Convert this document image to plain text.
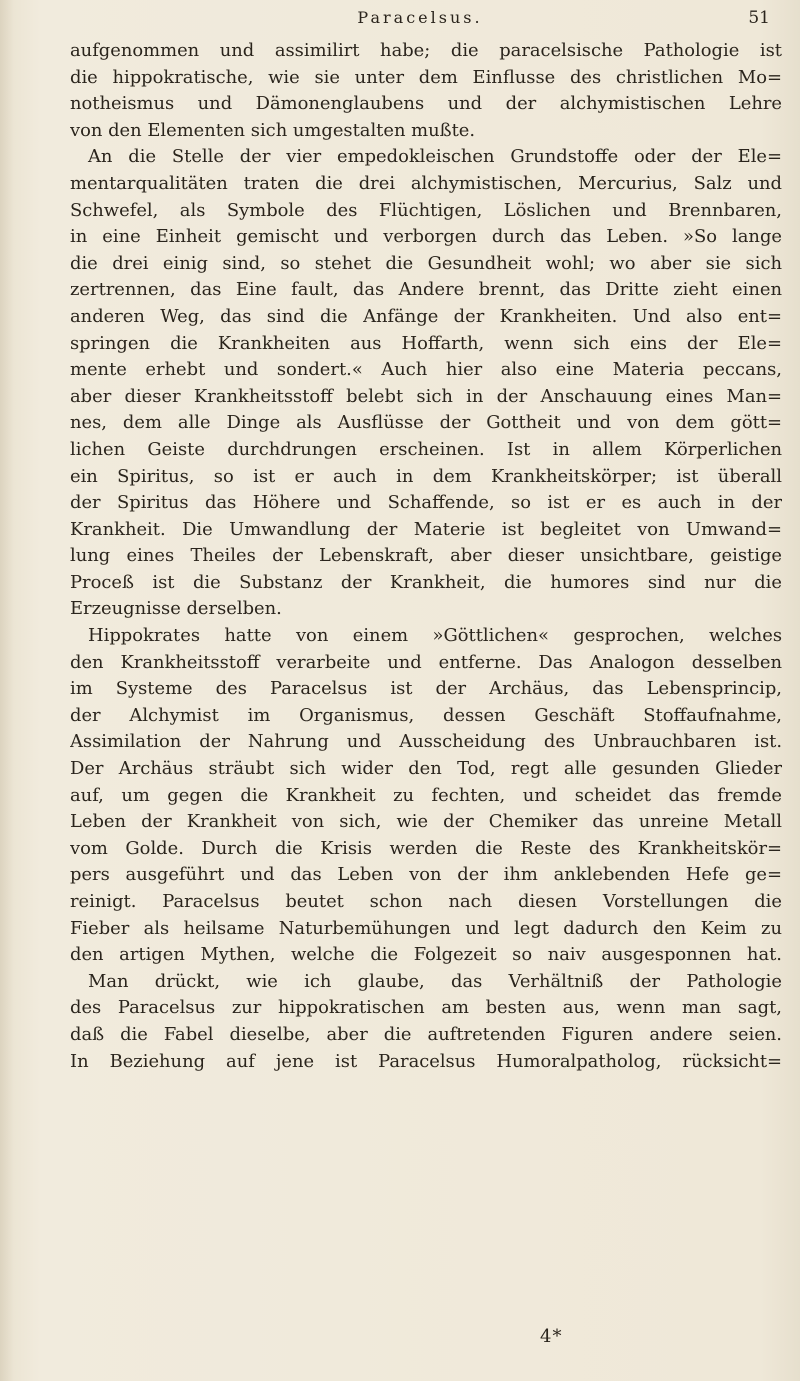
Paracelsus.	51
aufgenommen und assimilirt habe; die paracelsische Pathologie ist
die hippokratische, wie sie unter dem Einflusse des christlichen Mo=
notheismus und Dämonenglaubens und der alchymistischen Lehre
von den Elementen sich umgestalten mußte.
An die Stelle der vier empedokleischen Grundstoffe oder der Ele=
mentarqualitäten traten die drei alchymistischen, Mercurius, Salz und
Schwefel, als Symbole des Flüchtigen, Löslichen und Brennbaren,
in eine Einheit gemischt und verborgen durch das Leben. »So lange
die drei einig sind, so stehet die Gesundheit wohl; wo aber sie sich
zertrennen, das Eine fault, das Andere brennt, das Dritte zieht einen
anderen Weg, das sind die Anfänge der Krankheiten. Und also ent=
springen die Krankheiten aus Hoffarth, wenn sich eins der Ele=
mente erhebt und sondert.« Auch hier also eine Materia peccans,
aber dieser Krankheitsstoff belebt sich in der Anschauung eines Man=
nes, dem alle Dinge als Ausflüsse der Gottheit und von dem gött=
lichen Geiste durchdrungen erscheinen. Ist in allem Körperlichen
ein Spiritus, so ist er auch in dem Krankheitskörper; ist überall
der Spiritus das Höhere und Schaffende, so ist er es auch in der
Krankheit. Die Umwandlung der Materie ist begleitet von Umwand=
lung eines Theiles der Lebenskraft, aber dieser unsichtbare, geistige
Proceß ist die Substanz der Krankheit, die humores sind nur die
Erzeugnisse derselben.
Hippokrates hatte von einem »Göttlichen« gesprochen, welches
den Krankheitsstoff verarbeite und entferne. Das Analogon desselben
im Systeme des Paracelsus ist der Archäus, das Lebensprincip,
der Alchymist im Organismus, dessen Geschäft Stoffaufnahme,
Assimilation der Nahrung und Ausscheidung des Unbrauchbaren ist.
Der Archäus sträubt sich wider den Tod, regt alle gesunden Glieder
auf, um gegen die Krankheit zu fechten, und scheidet das fremde
Leben der Krankheit von sich, wie der Chemiker das unreine Metall
vom Golde. Durch die Krisis werden die Reste des Krankheitskör=
pers ausgeführt und das Leben von der ihm anklebenden Hefe ge=
reinigt. Paracelsus beutet schon nach diesen Vorstellungen die
Fieber als heilsame Naturbemühungen und legt dadurch den Keim zu
den artigen Mythen, welche die Folgezeit so naiv ausgesponnen hat.
Man drückt, wie ich glaube, das Verhältniß der Pathologie
des Paracelsus zur hippokratischen am besten aus, wenn man sagt,
daß die Fabel dieselbe, aber die auftretenden Figuren andere seien.
In Beziehung auf jene ist Paracelsus Humoralpatholog, rücksicht=
4*
